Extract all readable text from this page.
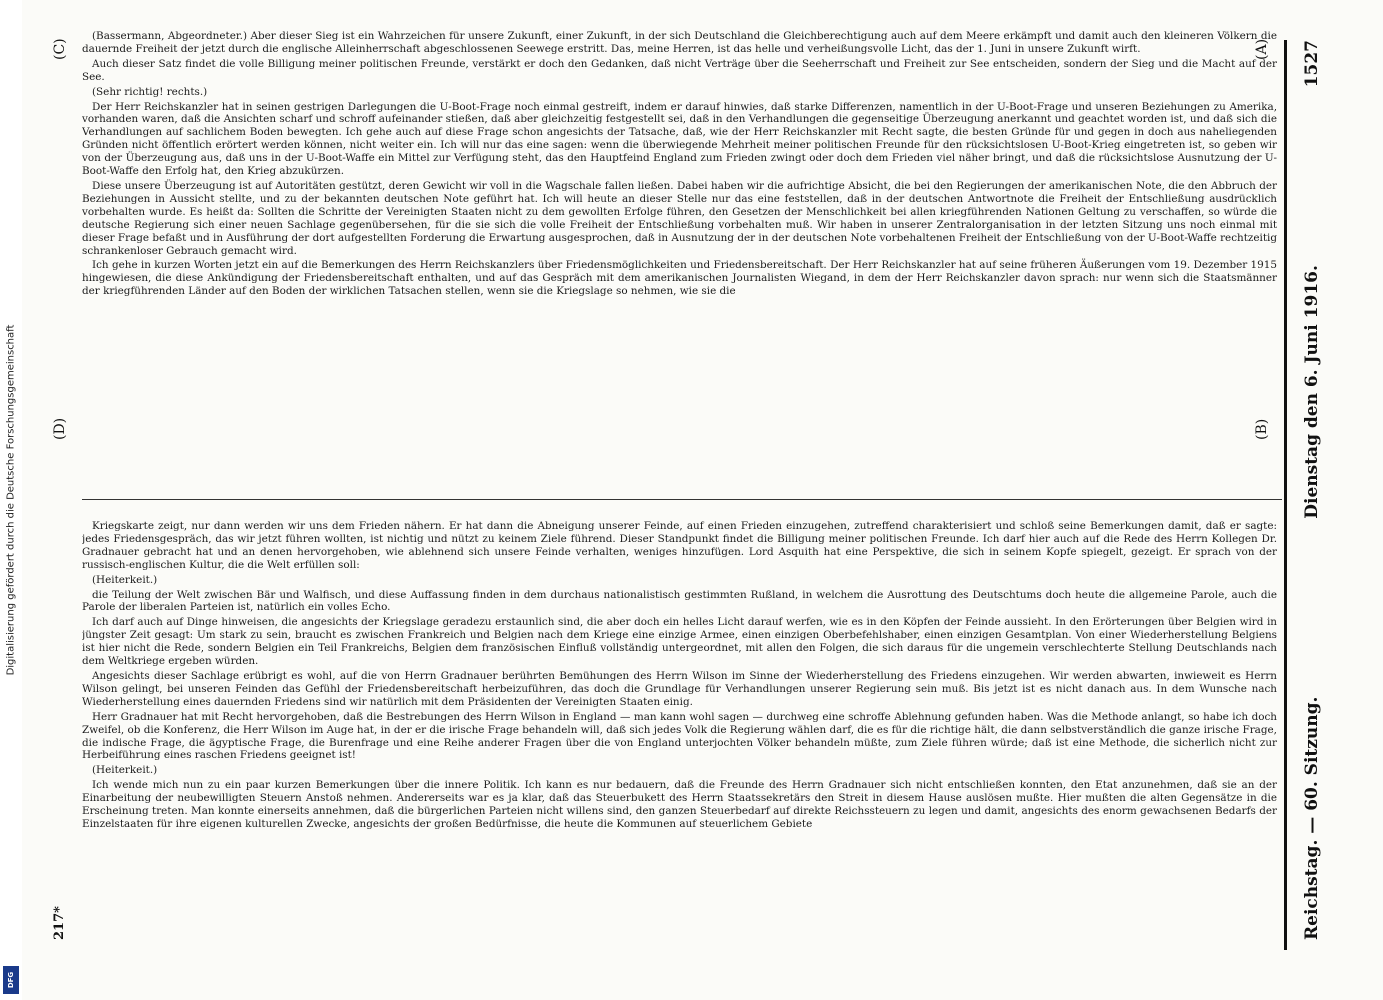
Digitalisierung gefördert durch die Deutsche Forschungsgemeinschaft
DFG
Reichstag. — 60. Sitzung.
Dienstag den 6. Juni 1916.
1527
(A)
(B)
(C)
(D)

(Bassermann, Abgeordneter.) Aber dieser Sieg ist ein Wahrzeichen für unsere Zukunft, einer Zukunft, in der sich Deutschland die Gleichberechtigung auch auf dem Meere erkämpft und damit auch den kleineren Völkern die dauernde Freiheit der jetzt durch die englische Alleinherrschaft abgeschlossenen Seewege erstritt. Das, meine Herren, ist das helle und verheißungsvolle Licht, das der 1. Juni in unsere Zukunft wirft.

Auch dieser Satz findet die volle Billigung meiner politischen Freunde, verstärkt er doch den Gedanken, daß nicht Verträge über die Seeherrschaft und Freiheit zur See entscheiden, sondern der Sieg und die Macht auf der See.

(Sehr richtig! rechts.)

Der Herr Reichskanzler hat in seinen gestrigen Darlegungen die U-Boot-Frage noch einmal gestreift, indem er darauf hinwies, daß starke Differenzen, namentlich in der U-Boot-Frage und unseren Beziehungen zu Amerika, vorhanden waren, daß die Ansichten scharf und schroff aufeinander stießen, daß aber gleichzeitig festgestellt sei, daß in den Verhandlungen die gegenseitige Überzeugung anerkannt und geachtet worden ist, und daß sich die Verhandlungen auf sachlichem Boden bewegten. Ich gehe auch auf diese Frage schon angesichts der Tatsache, daß, wie der Herr Reichskanzler mit Recht sagte, die besten Gründe für und gegen in doch aus naheliegenden Gründen nicht öffentlich erörtert werden können, nicht weiter ein. Ich will nur das eine sagen: wenn die überwiegende Mehrheit meiner politischen Freunde für den rücksichtslosen U-Boot-Krieg eingetreten ist, so geben wir von der Überzeugung aus, daß uns in der U-Boot-Waffe ein Mittel zur Verfügung steht, das den Hauptfeind England zum Frieden zwingt oder doch dem Frieden viel näher bringt, und daß die rücksichtslose Ausnutzung der U-Boot-Waffe den Erfolg hat, den Krieg abzukürzen.

Diese unsere Überzeugung ist auf Autoritäten gestützt, deren Gewicht wir voll in die Wagschale fallen ließen. Dabei haben wir die aufrichtige Absicht, die bei den Regierungen der amerikanischen Note, die den Abbruch der Beziehungen in Aussicht stellte, und zu der bekannten deutschen Note geführt hat. Ich will heute an dieser Stelle nur das eine feststellen, daß in der deutschen Antwortnote die Freiheit der Entschließung ausdrücklich vorbehalten wurde. Es heißt da: Sollten die Schritte der Vereinigten Staaten nicht zu dem gewollten Erfolge führen, den Gesetzen der Menschlichkeit bei allen kriegführenden Nationen Geltung zu verschaffen, so würde die deutsche Regierung sich einer neuen Sachlage gegenübersehen, für die sie sich die volle Freiheit der Entschließung vorbehalten muß. Wir haben in unserer Zentralorganisation in der letzten Sitzung uns noch einmal mit dieser Frage befaßt und in Ausführung der dort aufgestellten Forderung die Erwartung ausgesprochen, daß in Ausnutzung der in der deutschen Note vorbehaltenen Freiheit der Entschließung von der U-Boot-Waffe rechtzeitig schrankenloser Gebrauch gemacht wird.

Ich gehe in kurzen Worten jetzt ein auf die Bemerkungen des Herrn Reichskanzlers über Friedensmöglichkeiten und Friedensbereitschaft. Der Herr Reichskanzler hat auf seine früheren Äußerungen vom 19. Dezember 1915 hingewiesen, die diese Ankündigung der Friedensbereitschaft enthalten, und auf das Gespräch mit dem amerikanischen Journalisten Wiegand, in dem der Herr Reichskanzler davon sprach: nur wenn sich die Staatsmänner der kriegführenden Länder auf den Boden der wirklichen Tatsachen stellen, wenn sie die Kriegslage so nehmen, wie sie die

Kriegskarte zeigt, nur dann werden wir uns dem Frieden nähern. Er hat dann die Abneigung unserer Feinde, auf einen Frieden einzugehen, zutreffend charakterisiert und schloß seine Bemerkungen damit, daß er sagte: jedes Friedensgespräch, das wir jetzt führen wollten, ist nichtig und nützt zu keinem Ziele führend. Dieser Standpunkt findet die Billigung meiner politischen Freunde. Ich darf hier auch auf die Rede des Herrn Kollegen Dr. Gradnauer gebracht hat und an denen hervorgehoben, wie ablehnend sich unsere Feinde verhalten, weniges hinzufügen. Lord Asquith hat eine Perspektive, die sich in seinem Kopfe spiegelt, gezeigt. Er sprach von der russisch-englischen Kultur, die die Welt erfüllen soll:

(Heiterkeit.)

die Teilung der Welt zwischen Bär und Walfisch, und diese Auffassung finden in dem durchaus nationalistisch gestimmten Rußland, in welchem die Ausrottung des Deutschtums doch heute die allgemeine Parole, auch die Parole der liberalen Parteien ist, natürlich ein volles Echo.

Ich darf auch auf Dinge hinweisen, die angesichts der Kriegslage geradezu erstaunlich sind, die aber doch ein helles Licht darauf werfen, wie es in den Köpfen der Feinde aussieht. In den Erörterungen über Belgien wird in jüngster Zeit gesagt: Um stark zu sein, braucht es zwischen Frankreich und Belgien nach dem Kriege eine einzige Armee, einen einzigen Oberbefehlshaber, einen einzigen Gesamtplan. Von einer Wiederherstellung Belgiens ist hier nicht die Rede, sondern Belgien ein Teil Frankreichs, Belgien dem französischen Einfluß vollständig untergeordnet, mit allen den Folgen, die sich daraus für die ungemein verschlechterte Stellung Deutschlands nach dem Weltkriege ergeben würden.

Angesichts dieser Sachlage erübrigt es wohl, auf die von Herrn Gradnauer berührten Bemühungen des Herrn Wilson im Sinne der Wiederherstellung des Friedens einzugehen. Wir werden abwarten, inwieweit es Herrn Wilson gelingt, bei unseren Feinden das Gefühl der Friedensbereitschaft herbeizuführen, das doch die Grundlage für Verhandlungen unserer Regierung sein muß. Bis jetzt ist es nicht danach aus. In dem Wunsche nach Wiederherstellung eines dauernden Friedens sind wir natürlich mit dem Präsidenten der Vereinigten Staaten einig.

Herr Gradnauer hat mit Recht hervorgehoben, daß die Bestrebungen des Herrn Wilson in England — man kann wohl sagen — durchweg eine schroffe Ablehnung gefunden haben. Was die Methode anlangt, so habe ich doch Zweifel, ob die Konferenz, die Herr Wilson im Auge hat, in der er die irische Frage behandeln will, daß sich jedes Volk die Regierung wählen darf, die es für die richtige hält, die dann selbstverständlich die ganze irische Frage, die indische Frage, die ägyptische Frage, die Burenfrage und eine Reihe anderer Fragen über die von England unterjochten Völker behandeln müßte, zum Ziele führen würde; daß ist eine Methode, die sicherlich nicht zur Herbeiführung eines raschen Friedens geeignet ist!

(Heiterkeit.)

Ich wende mich nun zu ein paar kurzen Bemerkungen über die innere Politik. Ich kann es nur bedauern, daß die Freunde des Herrn Gradnauer sich nicht entschließen konnten, den Etat anzunehmen, daß sie an der Einarbeitung der neubewilligten Steuern Anstoß nehmen. Andererseits war es ja klar, daß das Steuerbukett des Herrn Staatssekretärs den Streit in diesem Hause auslösen mußte. Hier mußten die alten Gegensätze in die Erscheinung treten. Man konnte einerseits annehmen, daß die bürgerlichen Parteien nicht willens sind, den ganzen Steuerbedarf auf direkte Reichssteuern zu legen und damit, angesichts des enorm gewachsenen Bedarfs der Einzelstaaten für ihre eigenen kulturellen Zwecke, angesichts der großen Bedürfnisse, die heute die Kommunen auf steuerlichem Gebiete

217*
